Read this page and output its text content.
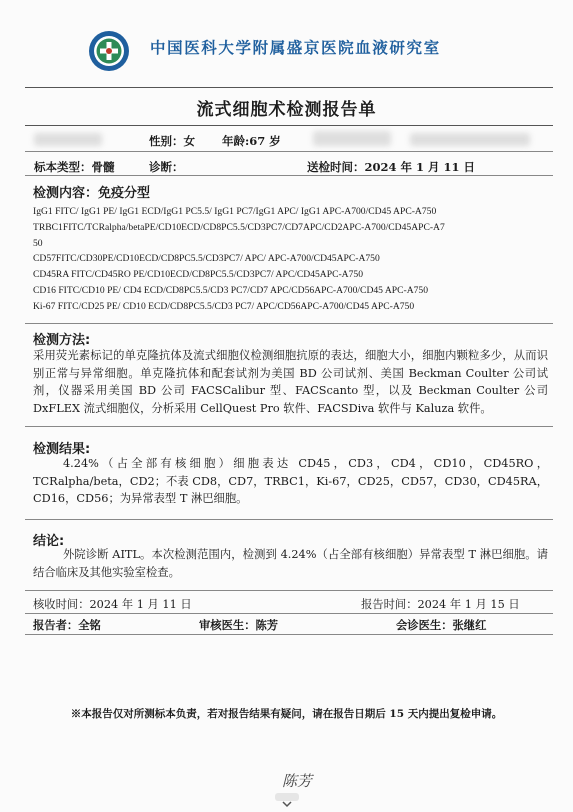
中国医科大学附属盛京医院血液研究室
流式细胞术检测报告单
性别：女 年龄:67 岁
标本类型：骨髓	诊断：	送检时间：2024 年 1 月 11 日
检测内容：免疫分型
IgG1 FITC/ IgG1 PE/ IgG1 ECD/IgG1 PC5.5/ IgG1 PC7/IgG1 APC/ IgG1 APC-A700/CD45 APC-A750
TRBC1FITC/TCRalpha/betaPE/CD10ECD/CD8PC5.5/CD3PC7/CD7APC/CD2APC-A700/CD45APC-A7
50
CD57FITC/CD30PE/CD10ECD/CD8PC5.5/CD3PC7/ APC/ APC-A700/CD45APC-A750
CD45RA FITC/CD45RO PE/CD10ECD/CD8PC5.5/CD3PC7/ APC/CD45APC-A750
CD16 FITC/CD10 PE/ CD4 ECD/CD8PC5.5/CD3 PC7/CD7 APC/CD56APC-A700/CD45 APC-A750
Ki-67 FITC/CD25 PE/ CD10 ECD/CD8PC5.5/CD3 PC7/ APC/CD56APC-A700/CD45 APC-A750
检测方法:
采用荧光素标记的单克隆抗体及流式细胞仪检测细胞抗原的表达，细胞大小，细胞内颗粒多少，从而识别正常与异常细胞。单克隆抗体和配套试剂为美国 BD 公司试剂、美国 Beckman Coulter 公司试剂，仪器采用美国 BD 公司 FACSCalibur 型、FACScanto 型，以及 Beckman Coulter 公司 DxFLEX 流式细胞仪，分析采用 CellQuest Pro 软件、FACSDiva 软件与 Kaluza 软件。
检测结果:
4.24%（占全部有核细胞）细胞表达 CD45，CD3，CD4，CD10，CD45RO，TCRalpha/beta，CD2；不表 CD8，CD7，TRBC1，Ki-67，CD25，CD57，CD30，CD45RA，CD16，CD56；为异常表型 T 淋巴细胞。
结论:
外院诊断 AITL。本次检测范围内，检测到 4.24%（占全部有核细胞）异常表型 T 淋巴细胞。请结合临床及其他实验室检查。
核收时间：2024 年 1 月 11 日	报告时间：2024 年 1 月 15 日
报告者：全铭	审核医生：陈芳	会诊医生：张继红
※本报告仅对所测标本负责，若对报告结果有疑问，请在报告日期后 15 天内提出复检申请。
陈芳
